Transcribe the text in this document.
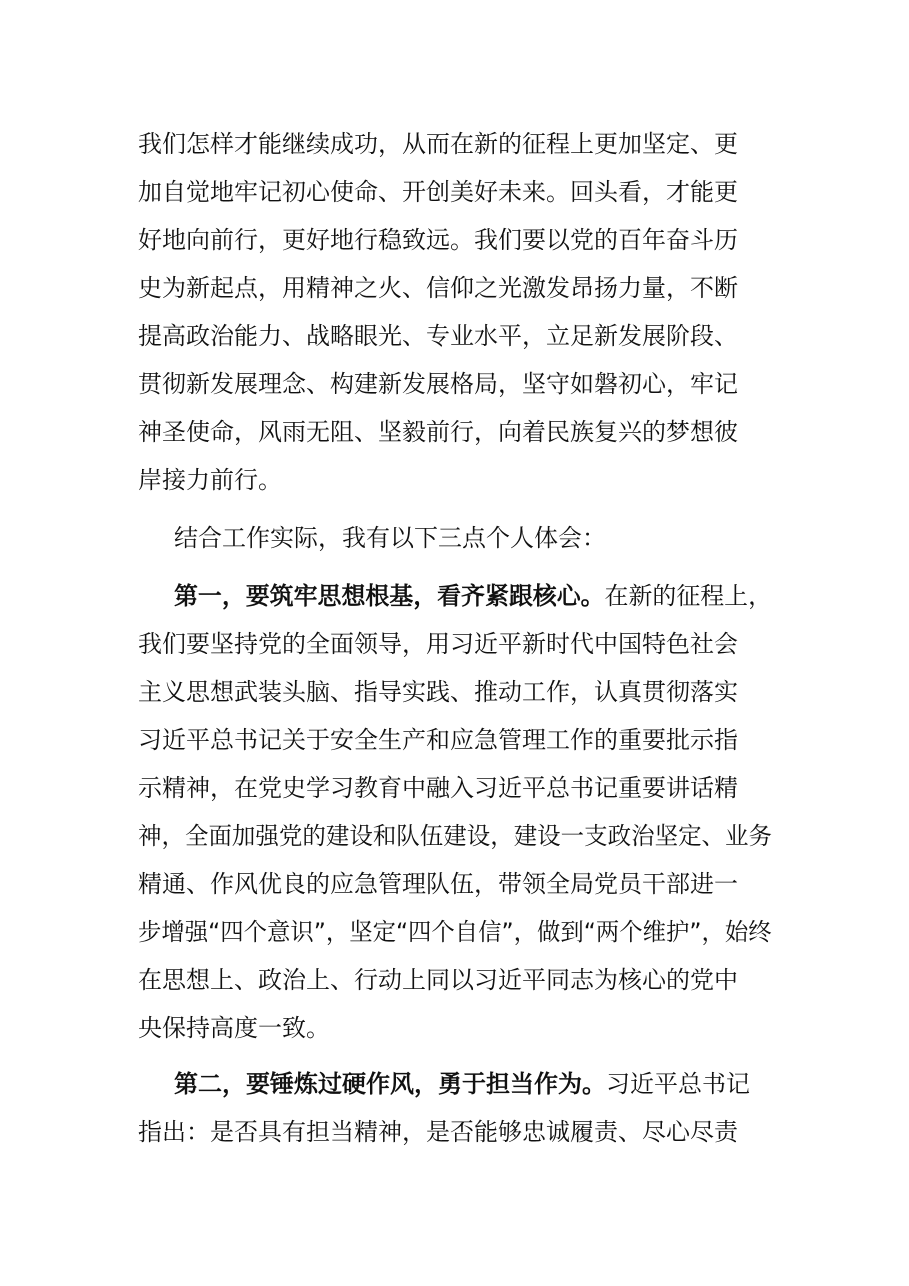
我们怎样才能继续成功，从而在新的征程上更加坚定、更
加自觉地牢记初心使命、开创美好未来。回头看，才能更
好地向前行，更好地行稳致远。我们要以党的百年奋斗历
史为新起点，用精神之火、信仰之光激发昂扬力量，不断
提高政治能力、战略眼光、专业水平，立足新发展阶段、
贯彻新发展理念、构建新发展格局，坚守如磐初心，牢记
神圣使命，风雨无阻、坚毅前行，向着民族复兴的梦想彼
岸接力前行。
结合工作实际，我有以下三点个人体会：
第一，要筑牢思想根基，看齐紧跟核心。在新的征程上，
我们要坚持党的全面领导，用习近平新时代中国特色社会
主义思想武装头脑、指导实践、推动工作，认真贯彻落实
习近平总书记关于安全生产和应急管理工作的重要批示指
示精神，在党史学习教育中融入习近平总书记重要讲话精
神，全面加强党的建设和队伍建设，建设一支政治坚定、业务
精通、作风优良的应急管理队伍，带领全局党员干部进一
步增强“四个意识”，坚定“四个自信”，做到“两个维护”，始终
在思想上、政治上、行动上同以习近平同志为核心的党中
央保持高度一致。
第二，要锤炼过硬作风，勇于担当作为。习近平总书记
指出：是否具有担当精神，是否能够忠诚履责、尽心尽责
